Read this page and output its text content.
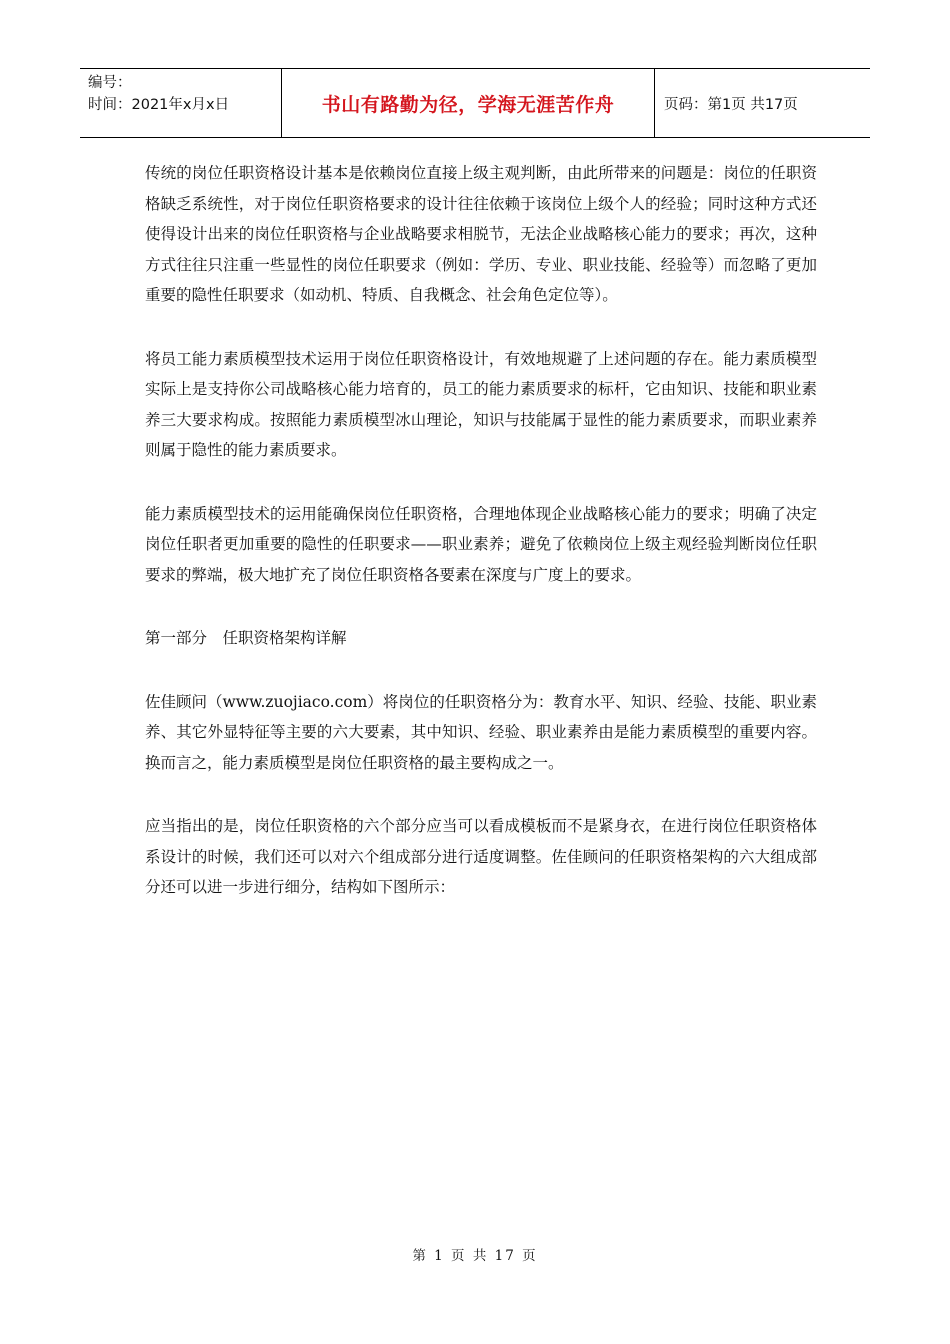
编号：
时间：2021年x月x日	书山有路勤为径，学海无涯苦作舟	页码：第1页 共17页

传统的岗位任职资格设计基本是依赖岗位直接上级主观判断，由此所带来的问题是：岗位的任职资格缺乏系统性，对于岗位任职资格要求的设计往往依赖于该岗位上级个人的经验；同时这种方式还使得设计出来的岗位任职资格与企业战略要求相脱节，无法企业战略核心能力的要求；再次，这种方式往往只注重一些显性的岗位任职要求（例如：学历、专业、职业技能、经验等）而忽略了更加重要的隐性任职要求（如动机、特质、自我概念、社会角色定位等）。

将员工能力素质模型技术运用于岗位任职资格设计，有效地规避了上述问题的存在。能力素质模型实际上是支持你公司战略核心能力培育的，员工的能力素质要求的标杆，它由知识、技能和职业素养三大要求构成。按照能力素质模型冰山理论，知识与技能属于显性的能力素质要求，而职业素养则属于隐性的能力素质要求。

能力素质模型技术的运用能确保岗位任职资格，合理地体现企业战略核心能力的要求；明确了决定岗位任职者更加重要的隐性的任职要求——职业素养；避免了依赖岗位上级主观经验判断岗位任职要求的弊端，极大地扩充了岗位任职资格各要素在深度与广度上的要求。

第一部分　任职资格架构详解

佐佳顾问（www.zuojiaco.com）将岗位的任职资格分为：教育水平、知识、经验、技能、职业素养、其它外显特征等主要的六大要素，其中知识、经验、职业素养由是能力素质模型的重要内容。换而言之，能力素质模型是岗位任职资格的最主要构成之一。

应当指出的是，岗位任职资格的六个部分应当可以看成模板而不是紧身衣，在进行岗位任职资格体系设计的时候，我们还可以对六个组成部分进行适度调整。佐佳顾问的任职资格架构的六大组成部分还可以进一步进行细分，结构如下图所示：

第 1 页 共 17 页
